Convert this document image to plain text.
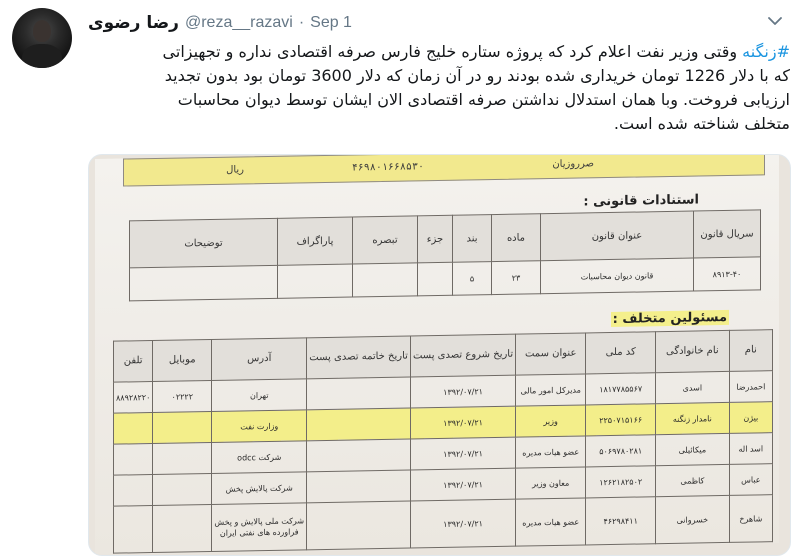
رضا رضوی @reza__razavi · Sep 1
#زنگنه وقتی وزیر نفت اعلام کرد که پروژه ستاره خلیج فارس صرفه اقتصادی نداره و تجهیزاتی که با دلار 1226 تومان خریداری شده بودند رو در آن زمان که دلار 3600 تومان بود بدون تجدید ارزیابی فروخت. وبا همان استدلال نداشتن صرفه اقتصادی الان ایشان توسط دیوان محاسبات متخلف شناخته شده است.
صرروزیان
۴۶۹۸۰۱۶۶۸۵۳۰
ریال
استنادات قانونی :
سریال قانون	عنوان قانون	ماده	بند	جزء	تبصره	پاراگراف	توضیحات
۸۹۱۳-۴۰	قانون دیوان محاسبات	۲۳	۵				
مسئولین متخلف :
نام	نام خانوادگی	کد ملی	عنوان سمت	تاریخ شروع تصدی پست	تاریخ خاتمه تصدی پست	آدرس	موبایل	تلفن
احمدرضا	اسدی	۱۸۱۷۷۸۵۵۶۷	مدیرکل امور مالی	۱۳۹۲/۰۷/۲۱		تهران	۰۲۲۲۲	۸۸۹۲۸۲۲۰
بیژن	نامدار زنگنه	۲۲۵۰۷۱۵۱۶۶	وزیر	۱۳۹۲/۰۷/۲۱		وزارت نفت		
اسد اله	میکائیلی	۵۰۶۹۷۸۰۲۸۱	عضو هیات مدیره	۱۳۹۲/۰۷/۲۱		شرکت odcc		
عباس	کاظمی	۱۲۶۲۱۸۲۵۰۲	معاون وزیر	۱۳۹۲/۰۷/۲۱		شرکت پالایش پخش		
شاهرخ	خسروانی	۴۶۲۹۸۴۱۱	عضو هیات مدیره	۱۳۹۲/۰۷/۲۱		شرکت ملی پالایش و پخش فراورده های نفتی ایران		
